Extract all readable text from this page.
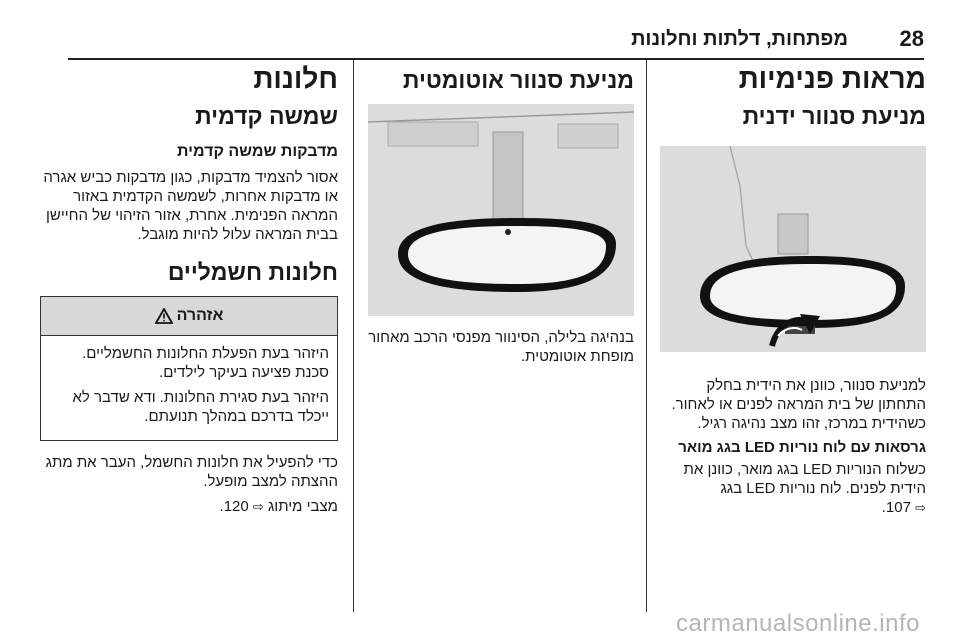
28
מפתחות, דלתות וחלונות
מראות פנימיות
מניעת סנוור ידנית

למניעת סנוור, כוונן את הידית בחלק התחתון של בית המראה לפנים או לאחור. כשהידית במרכז, זהו מצב נהיגה רגיל.

גרסאות עם לוח נוריות LED בגג מואר

כשלוח הנוריות LED בגג מואר, כוונן את הידית לפנים. לוח נוריות LED בגג

⇨ 107.

מניעת סנוור אוטומטית

בנהיגה בלילה, הסינוור מפנסי הרכב מאחור מופחת אוטומטית.

חלונות
שמשה קדמית
מדבקות שמשה קדמית

אסור להצמיד מדבקות, כגון מדבקות כביש אגרה או מדבקות אחרות, לשמשה הקדמית באזור המראה הפנימית. אחרת, אזור הזיהוי של החיישן בבית המראה עלול להיות מוגבל.

חלונות חשמליים
אזהרה

היזהר בעת הפעלת החלונות החשמליים. סכנת פציעה בעיקר לילדים.

היזהר בעת סגירת החלונות. ודא שדבר לא ייכלד בדרכם במהלך תנועתם.

כדי להפעיל את חלונות החשמל, העבר את מתג ההצתה למצב מופעל.

מצבי מיתוג ⇨ 120.

carmanualsonline.info
